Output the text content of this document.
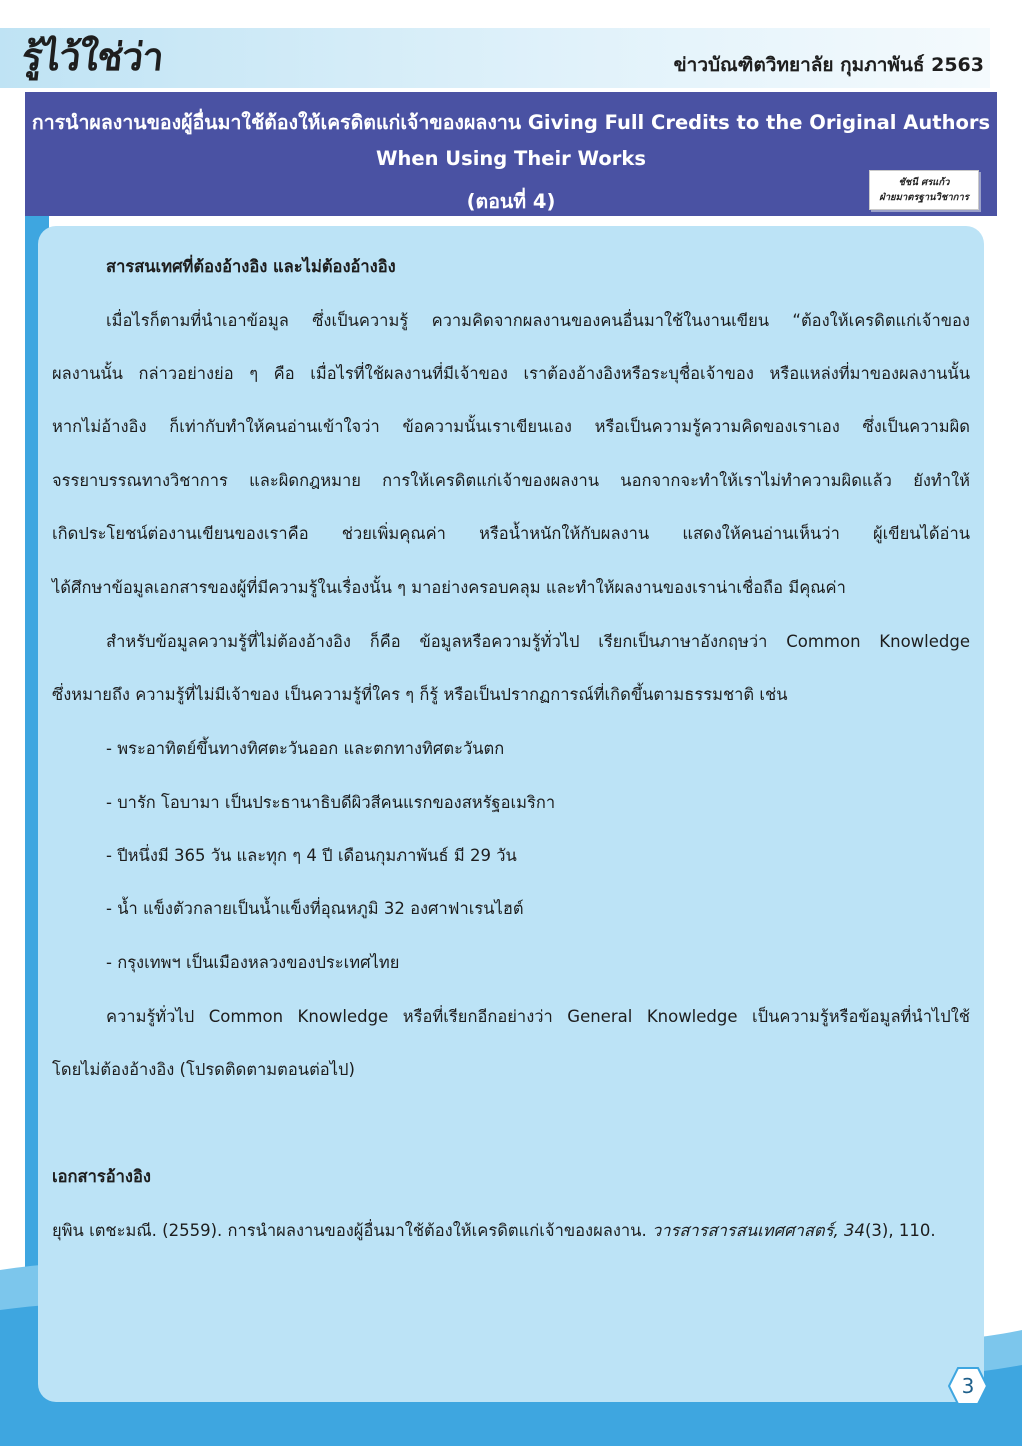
รู้ไว้ใช่ว่า	ข่าวบัณฑิตวิทยาลัย กุมภาพันธ์ 2563
การนำผลงานของผู้อื่นมาใช้ต้องให้เครดิตแก่เจ้าของผลงาน Giving Full Credits to the Original Authors
When Using Their Works
(ตอนที่ 4)
ชัชนี ศรแก้ว
ฝ่ายมาตรฐานวิชาการ
สารสนเทศที่ต้องอ้างอิง และไม่ต้องอ้างอิง
เมื่อไรก็ตามที่นำเอาข้อมูล ซึ่งเป็นความรู้ ความคิดจากผลงานของคนอื่นมาใช้ในงานเขียน “ต้องให้เครดิตแก่เจ้าของ
ผลงานนั้น กล่าวอย่างย่อ ๆ คือ เมื่อไรที่ใช้ผลงานที่มีเจ้าของ เราต้องอ้างอิงหรือระบุชื่อเจ้าของ หรือแหล่งที่มาของผลงานนั้น
หากไม่อ้างอิง ก็เท่ากับทำให้คนอ่านเข้าใจว่า ข้อความนั้นเราเขียนเอง หรือเป็นความรู้ความคิดของเราเอง ซึ่งเป็นความผิด
จรรยาบรรณทางวิชาการ และผิดกฎหมาย การให้เครดิตแก่เจ้าของผลงาน นอกจากจะทำให้เราไม่ทำความผิดแล้ว ยังทำให้
เกิดประโยชน์ต่องานเขียนของเราคือ ช่วยเพิ่มคุณค่า หรือน้ำหนักให้กับผลงาน แสดงให้คนอ่านเห็นว่า ผู้เขียนได้อ่าน
ได้ศึกษาข้อมูลเอกสารของผู้ที่มีความรู้ในเรื่องนั้น ๆ มาอย่างครอบคลุม และทำให้ผลงานของเราน่าเชื่อถือ มีคุณค่า
สำหรับข้อมูลความรู้ที่ไม่ต้องอ้างอิง ก็คือ ข้อมูลหรือความรู้ทั่วไป เรียกเป็นภาษาอังกฤษว่า Common Knowledge
ซึ่งหมายถึง ความรู้ที่ไม่มีเจ้าของ เป็นความรู้ที่ใคร ๆ ก็รู้ หรือเป็นปรากฏการณ์ที่เกิดขึ้นตามธรรมชาติ เช่น
- พระอาทิตย์ขึ้นทางทิศตะวันออก และตกทางทิศตะวันตก
- บารัก โอบามา เป็นประธานาธิบดีผิวสีคนแรกของสหรัฐอเมริกา
- ปีหนึ่งมี 365 วัน และทุก ๆ 4 ปี เดือนกุมภาพันธ์ มี 29 วัน
- น้ำ แข็งตัวกลายเป็นน้ำแข็งที่อุณหภูมิ 32 องศาฟาเรนไฮต์
- กรุงเทพฯ เป็นเมืองหลวงของประเทศไทย
ความรู้ทั่วไป Common Knowledge หรือที่เรียกอีกอย่างว่า General Knowledge เป็นความรู้หรือข้อมูลที่นำไปใช้
โดยไม่ต้องอ้างอิง (โปรดติดตามตอนต่อไป)
เอกสารอ้างอิง
ยุพิน เตชะมณี. (2559). การนำผลงานของผู้อื่นมาใช้ต้องให้เครดิตแก่เจ้าของผลงาน. วารสารสารสนเทศศาสตร์, 34(3), 110.
3
